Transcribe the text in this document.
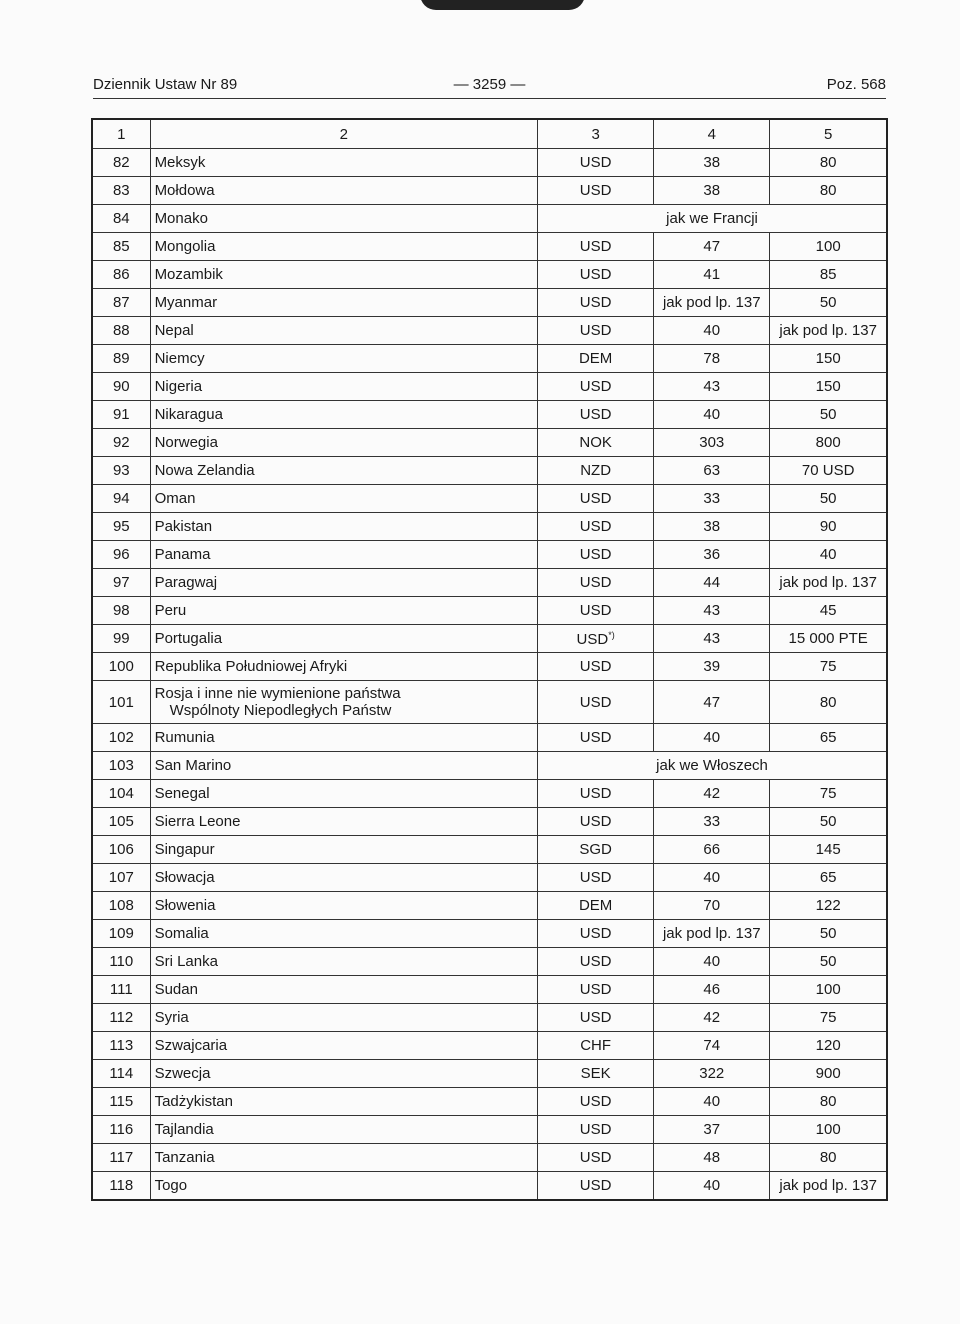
Dziennik Ustaw Nr 89	— 3259 —	Poz. 568
1	2	3	4	5
82	Meksyk	USD	38	80
83	Mołdowa	USD	38	80
84	Monako	jak we Francji		
85	Mongolia	USD	47	100
86	Mozambik	USD	41	85
87	Myanmar	USD	jak pod lp. 137	50
88	Nepal	USD	40	jak pod lp. 137
89	Niemcy	DEM	78	150
90	Nigeria	USD	43	150
91	Nikaragua	USD	40	50
92	Norwegia	NOK	303	800
93	Nowa Zelandia	NZD	63	70 USD
94	Oman	USD	33	50
95	Pakistan	USD	38	90
96	Panama	USD	36	40
97	Paragwaj	USD	44	jak pod lp. 137
98	Peru	USD	43	45
99	Portugalia	USD*)	43	15 000 PTE
100	Republika Południowej Afryki	USD	39	75
101	Rosja i inne nie wymienione państwa
Wspólnoty Niepodległych Państw	USD	47	80
102	Rumunia	USD	40	65
103	San Marino	jak we Włoszech		
104	Senegal	USD	42	75
105	Sierra Leone	USD	33	50
106	Singapur	SGD	66	145
107	Słowacja	USD	40	65
108	Słowenia	DEM	70	122
109	Somalia	USD	jak pod lp. 137	50
110	Sri Lanka	USD	40	50
111	Sudan	USD	46	100
112	Syria	USD	42	75
113	Szwajcaria	CHF	74	120
114	Szwecja	SEK	322	900
115	Tadżykistan	USD	40	80
116	Tajlandia	USD	37	100
117	Tanzania	USD	48	80
118	Togo	USD	40	jak pod lp. 137
